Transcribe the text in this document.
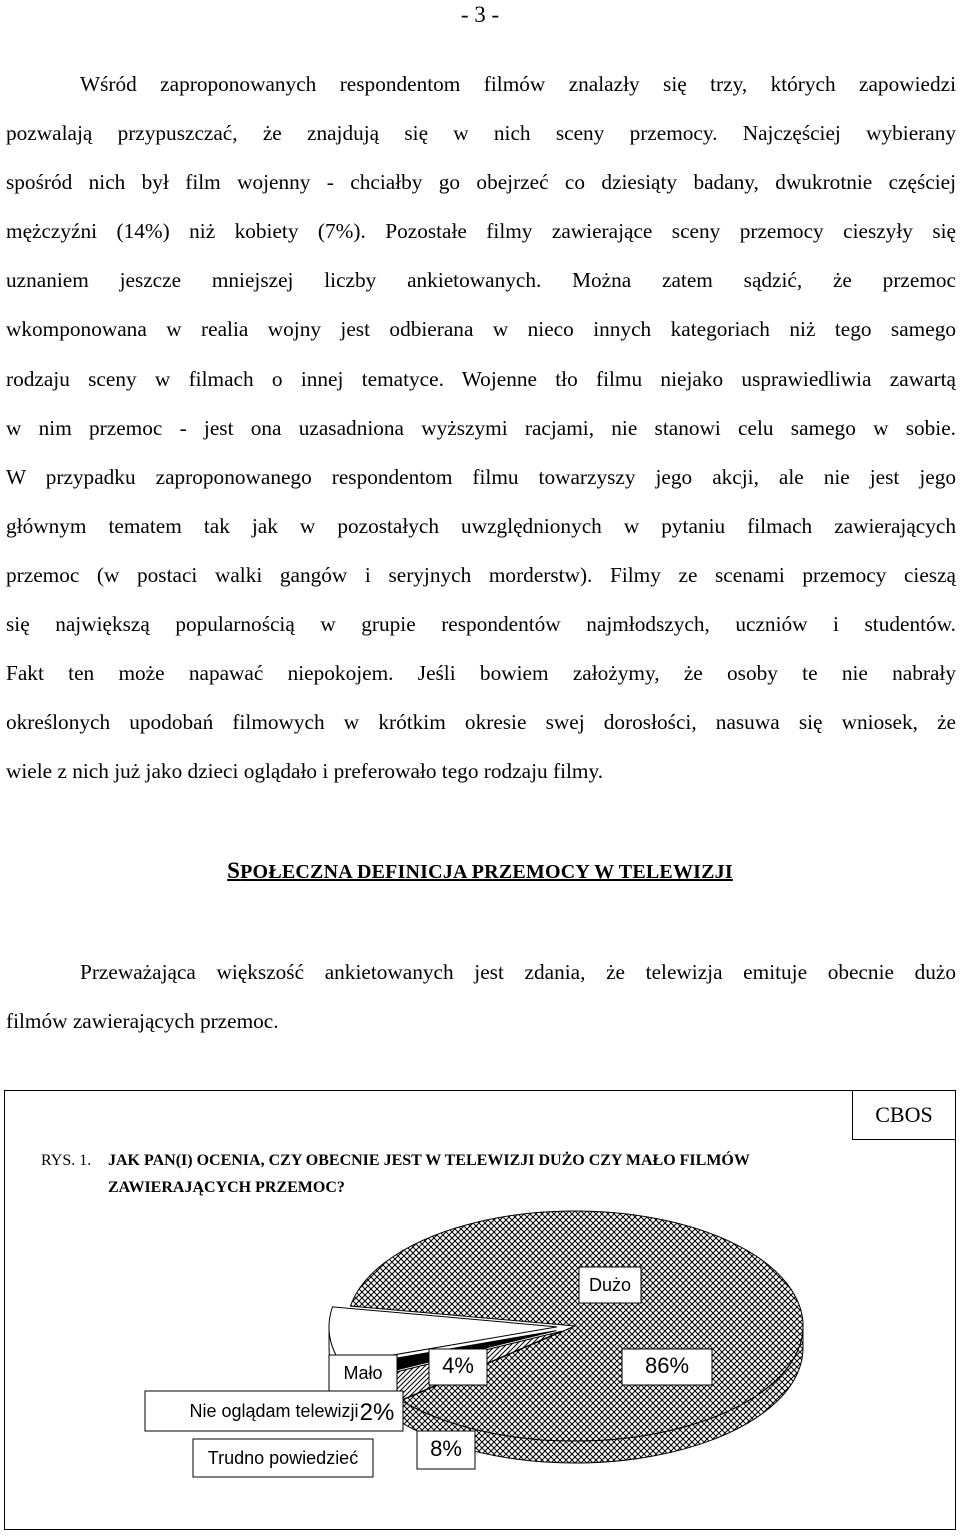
- 3 -
Wśród zaproponowanych respondentom filmów znalazły się trzy, których zapowiedzi
pozwalają przypuszczać, że znajdują się w nich sceny przemocy. Najczęściej wybierany
spośród nich był film wojenny - chciałby go obejrzeć co dziesiąty badany, dwukrotnie częściej
mężczyźni (14%) niż kobiety (7%). Pozostałe filmy zawierające sceny przemocy cieszyły się
uznaniem jeszcze mniejszej liczby ankietowanych. Można zatem sądzić, że przemoc
wkomponowana w realia wojny jest odbierana w nieco innych kategoriach niż tego samego
rodzaju sceny w filmach o innej tematyce. Wojenne tło filmu niejako usprawiedliwia zawartą
w nim przemoc - jest ona uzasadniona wyższymi racjami, nie stanowi celu samego w sobie.
W przypadku zaproponowanego respondentom filmu towarzyszy jego akcji, ale nie jest jego
głównym tematem tak jak w pozostałych uwzględnionych w pytaniu filmach zawierających
przemoc (w postaci walki gangów i seryjnych morderstw). Filmy ze scenami przemocy cieszą
się największą popularnością w grupie respondentów najmłodszych, uczniów i studentów.
Fakt ten może napawać niepokojem. Jeśli bowiem założymy, że osoby te nie nabrały
określonych upodobań filmowych w krótkim okresie swej dorosłości, nasuwa się wniosek, że
wiele z nich już jako dzieci oglądało i preferowało tego rodzaju filmy.
SPOŁECZNA DEFINICJA PRZEMOCY W TELEWIZJI
Przeważająca większość ankietowanych jest zdania, że telewizja emituje obecnie dużo
filmów zawierających przemoc.
CBOS
RYS. 1. JAK PAN(I) OCENIA, CZY OBECNIE JEST W TELEWIZJI DUŻO CZY MAŁO FILMÓW ZAWIERAJĄCYCH PRZEMOC?
Dużo
86%
Mało	4%
Nie oglądam telewizji 2%
Trudno powiedzieć	8%
